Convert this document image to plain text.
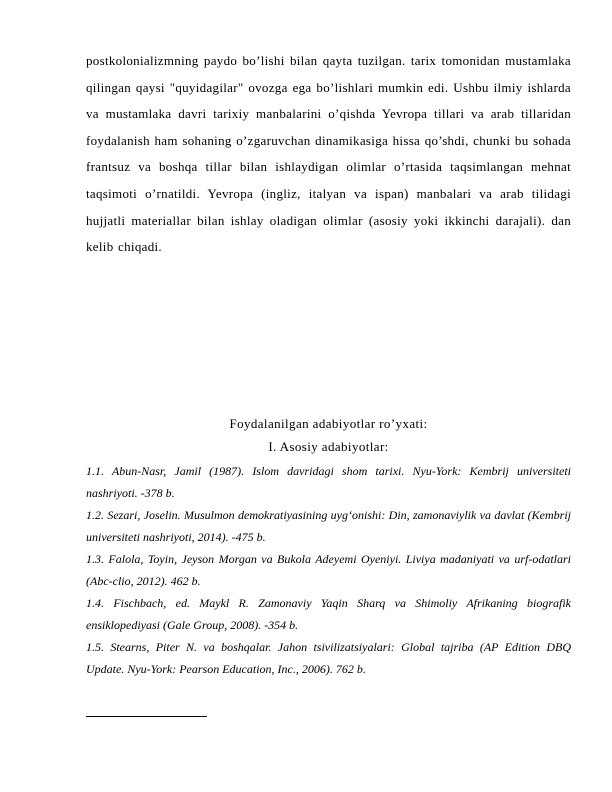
postkolonializmning paydo bo’lishi bilan qayta tuzilgan. tarix tomonidan mustamlaka qilingan qaysi "quyidagilar" ovozga ega bo’lishlari mumkin edi. Ushbu ilmiy ishlarda va mustamlaka davri tarixiy manbalarini o’qishda Yevropa tillari va arab tillaridan foydalanish ham sohaning o’zgaruvchan dinamikasiga hissa qo’shdi, chunki bu sohada frantsuz va boshqa tillar bilan ishlaydigan olimlar o’rtasida taqsimlangan mehnat taqsimoti o’rnatildi. Yevropa (ingliz, italyan va ispan) manbalari va arab tilidagi hujjatli materiallar bilan ishlay oladigan olimlar (asosiy yoki ikkinchi darajali). dan kelib chiqadi.

Foydalanilgan adabiyotlar ro’yxati:
I. Asosiy adabiyotlar:
1.1. Abun-Nasr, Jamil (1987). Islom davridagi shom tarixi. Nyu-York: Kembrij universiteti nashriyoti. -378 b.
1.2. Sezari, Joselin. Musulmon demokratiyasining uyg‘onishi: Din, zamonaviylik va davlat (Kembrij universiteti nashriyoti, 2014). -475 b.
1.3. Falola, Toyin, Jeyson Morgan va Bukola Adeyemi Oyeniyi. Liviya madaniyati va urf-odatlari (Abc-clio, 2012). 462 b.
1.4. Fischbach, ed. Maykl R. Zamonaviy Yaqin Sharq va Shimoliy Afrikaning biografik ensiklopediyasi (Gale Group, 2008). -354 b.
1.5. Stearns, Piter N. va boshqalar. Jahon tsivilizatsiyalari: Global tajriba (AP Edition DBQ Update. Nyu-York: Pearson Education, Inc., 2006). 762 b.
